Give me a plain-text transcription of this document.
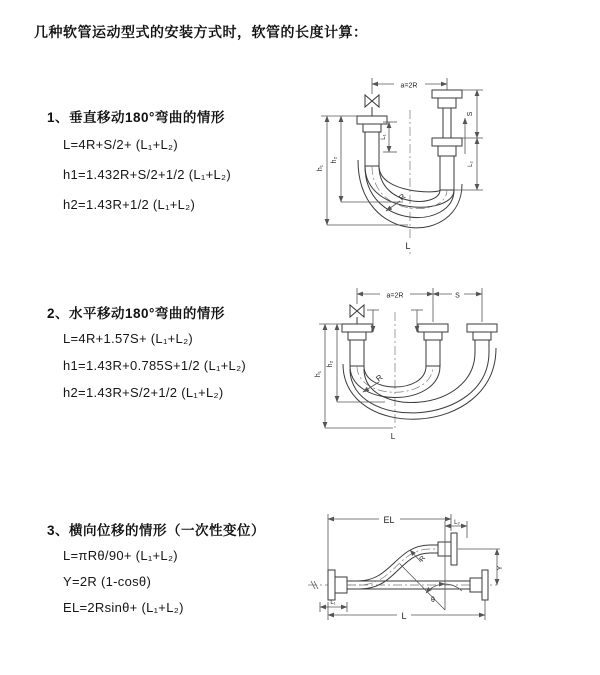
几种软管运动型式的安装方式时，软管的长度计算：
1、垂直移动180°弯曲的情形
L=4R+S/2+ (L₁+L₂)
h1=1.432R+S/2+1/2 (L₁+L₂)
h2=1.43R+1/2 (L₁+L₂)
2、水平移动180°弯曲的情形
L=4R+1.57S+ (L₁+L₂)
h1=1.43R+0.785S+1/2 (L₁+L₂)
h2=1.43R+S/2+1/2 (L₁+L₂)
3、横向位移的情形（一次性变位）
L=πRθ/90+ (L₁+L₂)
Y=2R (1-cosθ)
EL=2Rsinθ+ (L₁+L₂)
a=2R
R
L
h₁
h₂
L₁
S
L₂
a=2R	S
R
h₁
h₂
L
EL	L₂
θ
R
Y
L
L₁
